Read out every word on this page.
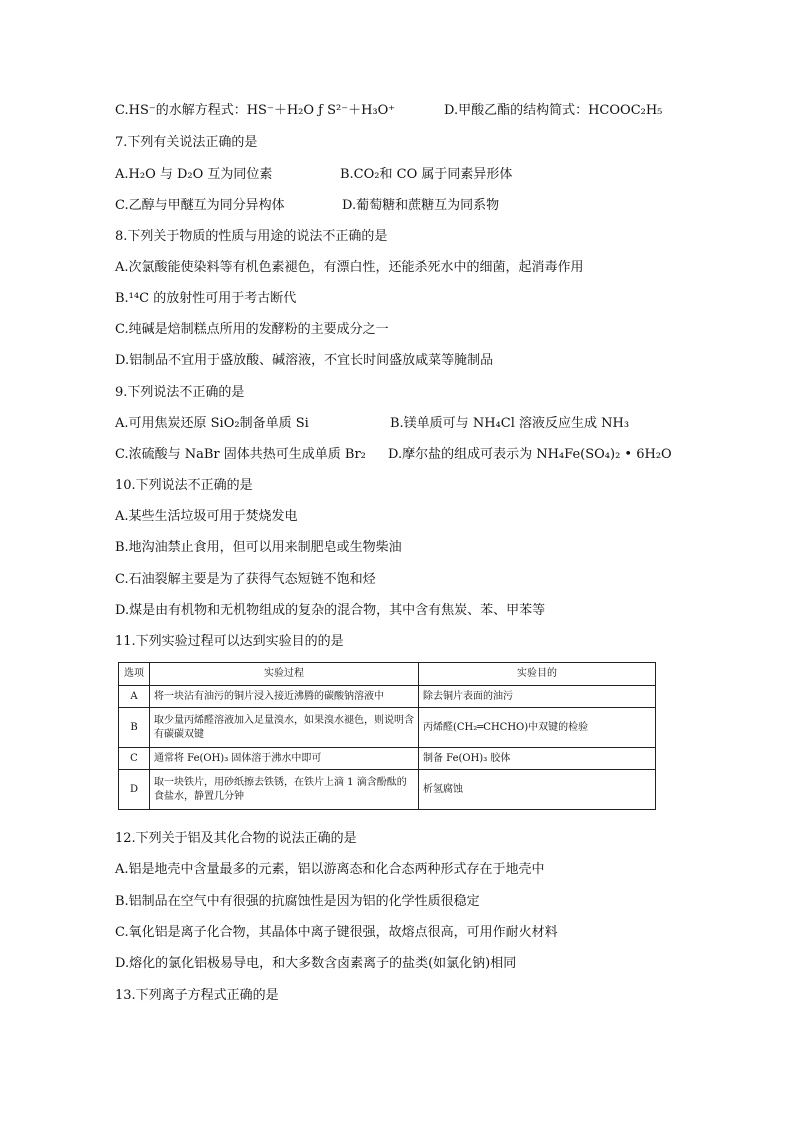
C.HS⁻的水解方程式：HS⁻＋H₂O ƒ S²⁻＋H₃O⁺	D.甲酸乙酯的结构简式：HCOOC₂H₅
7.下列有关说法正确的是
A.H₂O 与 D₂O 互为同位素	B.CO₂和 CO 属于同素异形体
C.乙醇与甲醚互为同分异构体	D.葡萄糖和蔗糖互为同系物
8.下列关于物质的性质与用途的说法不正确的是
A.次氯酸能使染料等有机色素褪色，有漂白性，还能杀死水中的细菌，起消毒作用
B.¹⁴C 的放射性可用于考古断代
C.纯碱是焙制糕点所用的发酵粉的主要成分之一
D.铝制品不宜用于盛放酸、碱溶液，不宜长时间盛放咸菜等腌制品
9.下列说法不正确的是
A.可用焦炭还原 SiO₂制备单质 Si	B.镁单质可与 NH₄Cl 溶液反应生成 NH₃
C.浓硫酸与 NaBr 固体共热可生成单质 Br₂ D.摩尔盐的组成可表示为 NH₄Fe(SO₄)₂ • 6H₂O
10.下列说法不正确的是
A.某些生活垃圾可用于焚烧发电
B.地沟油禁止食用，但可以用来制肥皂或生物柴油
C.石油裂解主要是为了获得气态短链不饱和烃
D.煤是由有机物和无机物组成的复杂的混合物，其中含有焦炭、苯、甲苯等
11.下列实验过程可以达到实验目的的是
选项	实验过程	实验目的
A	将一块沾有油污的铜片浸入接近沸腾的碳酸钠溶液中	除去铜片表面的油污
B	取少量丙烯醛溶液加入足量溴水，如果溴水褪色，则说明含有碳碳双键	丙烯醛(CH₂═CHCHO)中双键的检验
C	通常将 Fe(OH)₃ 固体溶于沸水中即可	制备 Fe(OH)₃ 胶体
D	取一块铁片，用砂纸擦去铁锈，在铁片上滴 1 滴含酚酞的食盐水，静置几分钟	析氢腐蚀
12.下列关于铝及其化合物的说法正确的是
A.铝是地壳中含量最多的元素，铝以游离态和化合态两种形式存在于地壳中
B.铝制品在空气中有很强的抗腐蚀性是因为铝的化学性质很稳定
C.氧化铝是离子化合物，其晶体中离子键很强，故熔点很高，可用作耐火材料
D.熔化的氯化铝极易导电，和大多数含卤素离子的盐类(如氯化钠)相同
13.下列离子方程式正确的是
